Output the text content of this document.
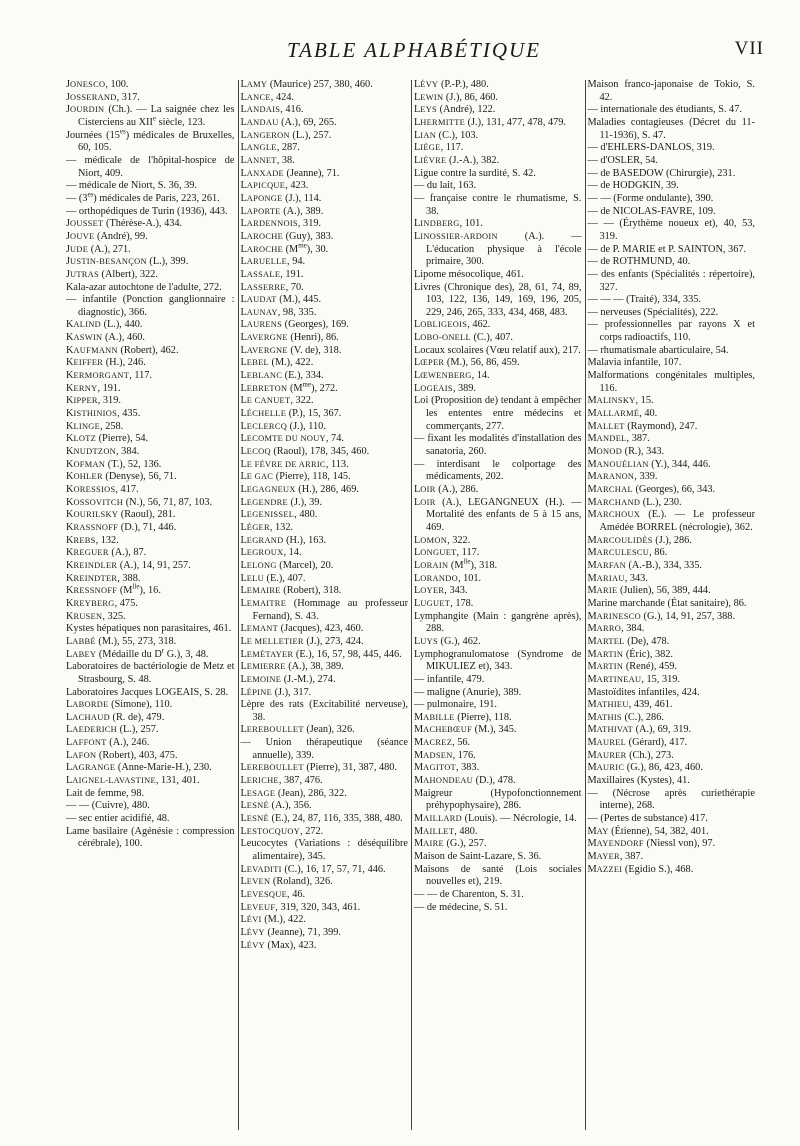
TABLE ALPHABÉTIQUE	VII

JONESCO, 100.

JOSSERAND, 317.

JOURDIN (Ch.). — La saignée chez les Cisterciens au XIIe siècle, 123.

Journées $(15^{es})$ médicales de Bruxelles, 60, 105.

— médicale de l'hôpital-hospice de Niort, 409.

— médicale de Niort, S. 36, 39.

— $(3^{es})$ médicales de Paris, 223, 261.

— orthopédiques de Turin (1936), 443.

JOUSSET (Thérèse-A.), 434.

JOUVE (André), 99.

JUDE (A.), 271.

JUSTIN-BESANÇON (L.), 399.

JUTRAS (Albert), 322.

Kala-azar autochtone de l'adulte, 272.

— infantile (Ponction ganglionnaire : diagnostic), 366.

KALIND (L.), 440.

KASWIN (A.), 460.

KAUFMANN (Robert), 462.

KEIFFER (H.), 246.

KERMORGANT, 117.

KERNY, 191.

KIPPER, 319.

KISTHINIOS, 435.

KLINGE, 258.

KLOTZ (Pierre), 54.

KNUDTZON, 384.

KOFMAN (T.), 52, 136.

KOHLER (Denyse), 56, 71.

KORESSIOS, 417.

KOSSOVITCH (N.), 56, 71, 87, 103.

KOURILSKY (Raoul), 281.

KRASSNOFF (D.), 71, 446.

KREBS, 132.

KREGUER (A.), 87.

KREINDLER (A.), 14, 91, 257.

KREINDTER, 388.

KRESSNOFF $(M^{lle})$, 16.

KREYBERG, 475.

KRUSEN, 325.

Kystes hépatiques non parasitaires, 461.

LABBÉ (M.), 55, 273, 318.

LABEY (Médaille du $D^r$ G.), 3, 48.

Laboratoires de bactériologie de Metz et Strasbourg, S. 48.

Laboratoires Jacques LOGEAIS, S. 28.

LABORDE (Simone), 110.

LACHAUD (R. de), 479.

LAEDERICH (L.), 257.

LAFFONT (A.), 246.

LAFON (Robert), 403, 475.

LAGRANGE (Anne-Marie-H.), 230.

LAIGNEL-LAVASTINE, 131, 401.

Lait de femme, 98.

— — (Cuivre), 480.

— sec entier acidifié, 48.

Lame basilaire (Agénésie : compression cérébrale), 100.

LAMY (Maurice) 257, 380, 460.

LANCE, 424.

LANDAIS, 416.

LANDAU (A.), 69, 265.

LANGERON (L.), 257.

LANGLE, 287.

LANNET, 38.

LANXADE (Jeanne), 71.

LAPICQUE, 423.

LAPONGE (J.), 114.

LAPORTE (A.), 389.

LARDENNOIS, 319.

LAROCHE (Guy), 383.

LAROCHE $(M^{me})$, 30.

LARUELLE, 94.

LASSALE, 191.

LASSERRE, 70.

LAUDAT (M.), 445.

LAUNAY, 98, 335.

LAURENS (Georges), 169.

LAVERGNE (Henri), 86.

LAVERGNE (V. de), 318.

LEBEL (M.), 422.

LEBLANC (E.), 334.

LEBRETON $(M^{me})$, 272.

LE CANUET, 322.

LÉCHELLE (P.), 15, 367.

LECLERCQ (J.), 110.

LECOMTE DU NOUY, 74.

LECOQ (Raoul), 178, 345, 460.

LE FÈVRE DE ARRIC, 113.

LE GAC (Pierre), 118, 145.

LEGAGNEUX (H.), 286, 469.

LEGENDRE (J.), 39.

LEGENISSEL, 480.

LÉGER, 132.

LEGRAND (H.), 163.

LEGROUX, 14.

LELONG (Marcel), 20.

LELU (E.), 407.

LEMAIRE (Robert), 318.

LEMAITRE (Hommage au professeur Fernand), S. 43.

LEMANT (Jacques), 423, 460.

LE MELLETIER (J.), 273, 424.

LEMÉTAYER (E.), 16, 57, 98, 445, 446.

LEMIERRE (A.), 38, 389.

LEMOINE (J.-M.), 274.

LÉPINE (J.), 317.

Lèpre des rats (Excitabilité nerveuse), 38.

LEREBOULLET (Jean), 326.

— Union thérapeutique (séance annuelle), 339.

LEREBOULLET (Pierre), 31, 387, 480.

LERICHE, 387, 476.

LESAGE (Jean), 286, 322.

LESNÉ (A.), 356.

LESNÉ (E.), 24, 87, 116, 335, 388, 480.

LESTOCQUOY, 272.

Leucocytes (Variations : déséquilibre alimentaire), 345.

LEVADITI (C.), 16, 17, 57, 71, 446.

LEVEN (Roland), 326.

LEVESQUE, 46.

LEVEUF, 319, 320, 343, 461.

LÉVI (M.), 422.

LÉVY (Jeanne), 71, 399.

LÉVY (Max), 423.

LÉVY (P.-P.), 480.

LEWIN (J.), 86, 460.

LEYS (André), 122.

LHERMITTE (J.), 131, 477, 478, 479.

LIAN (C.), 103.

LIÈGE, 117.

LIÈVRE (J.-A.), 382.

Ligue contre la surdité, S. 42.

— du lait, 163.

— française contre le rhumatisme, S. 38.

LINDBERG, 101.

LINOSSIER-ARDOIN (A.). — L'éducation physique à l'école primaire, 300.

Lipome mésocolique, 461.

Livres (Chronique des), 28, 61, 74, 89, 103, 122, 136, 149, 169, 196, 205, 229, 246, 265, 333, 434, 468, 483.

LOBLIGEOIS, 462.

LOBO-ONELL (C.), 407.

Locaux scolaires (Vœu relatif aux), 217.

LŒPER (M.), 56, 86, 459.

LŒWENBERG, 14.

LOGEAIS, 389.

Loi (Proposition de) tendant à empêcher les ententes entre médecins et commerçants, 277.

— fixant les modalités d'installation des sanatoria, 260.

— interdisant le colportage des médicaments, 202.

LOIR (A.), 286.

LOIR (A.), LEGANGNEUX (H.). — Mortalité des enfants de 5 à 15 ans, 469.

LOMON, 322.

LONGUET, 117.

LORAIN $(M^{lle})$, 318.

LORANDO, 101.

LOYER, 343.

LUGUET, 178.

Lymphangite (Main : gangrène après), 288.

LUYS (G.), 462.

Lymphogranulomatose (Syndrome de MIKULIEZ et), 343.

— infantile, 479.

— maligne (Anurie), 389.

— pulmonaire, 191.

MABILLE (Pierre), 118.

MACHEBŒUF (M.), 345.

MACREZ, 56.

MADSEN, 176.

MAGITOT, 383.

MAHONDEAU (D.), 478.

Maigreur (Hypofonctionnement préhypophysaire), 286.

MAILLARD (Louis). — Nécrologie, 14.

MAILLET, 480.

MAIRE (G.), 257.

Maison de Saint-Lazare, S. 36.

Maisons de santé (Lois sociales nouvelles et), 219.

— — de Charenton, S. 31.

— de médecine, S. 51.

Maison franco-japonaise de Tokio, S. 42.

— internationale des étudiants, S. 47.

Maladies contagieuses (Décret du 11-11-1936), S. 47.

— d'EHLERS-DANLOS, 319.

— d'OSLER, 54.

— de BASEDOW (Chirurgie), 231.

— de HODGKIN, 39.

— — (Forme ondulante), 390.

— de NICOLAS-FAVRE, 109.

— — (Érythème noueux et), 40, 53, 319.

— de P. MARIE et P. SAINTON, 367.

— de ROTHMUND, 40.

— des enfants (Spécialités : répertoire), 327.

— — — (Traité), 334, 335.

— nerveuses (Spécialités), 222.

— professionnelles par rayons X et corps radioactifs, 110.

— rhumatismale abarticulaire, 54.

Malavia infantile, 107.

Malformations congénitales multiples, 116.

MALINSKY, 15.

MALLARMÉ, 40.

MALLET (Raymond), 247.

MANDEL, 387.

MONOD (R.), 343.

MANOUÉLIAN (Y.), 344, 446.

MARANON, 339.

MARCHAL (Georges), 66, 343.

MARCHAND (L.), 230.

MARCHOUX (E.). — Le professeur Amédée BORREL (nécrologie), 362.

MARCOULIDÈS (J.), 286.

MARCULESCU, 86.

MARFAN (A.-B.), 334, 335.

MARIAU, 343.

MARIE (Julien), 56, 389, 444.

Marine marchande (État sanitaire), 86.

MARINESCO (G.), 14, 91, 257, 388.

MARRO, 384.

MARTEL (De), 478.

MARTIN (Éric), 382.

MARTIN (René), 459.

MARTINEAU, 15, 319.

Mastoïdites infantiles, 424.

MATHIEU, 439, 461.

MATHIS (C.), 286.

MATHIVAT (A.), 69, 319.

MAUREL (Gérard), 417.

MAURER (Ch.), 273.

MAURIC (G.), 86, 423, 460.

Maxillaires (Kystes), 41.

— (Nécrose après curiethérapie interne), 268.

— (Pertes de substance) 417.

MAY (Étienne), 54, 382, 401.

MAYENDORF (Niessl von), 97.

MAYER, 387.

MAZZEI (Egidio S.), 468.
